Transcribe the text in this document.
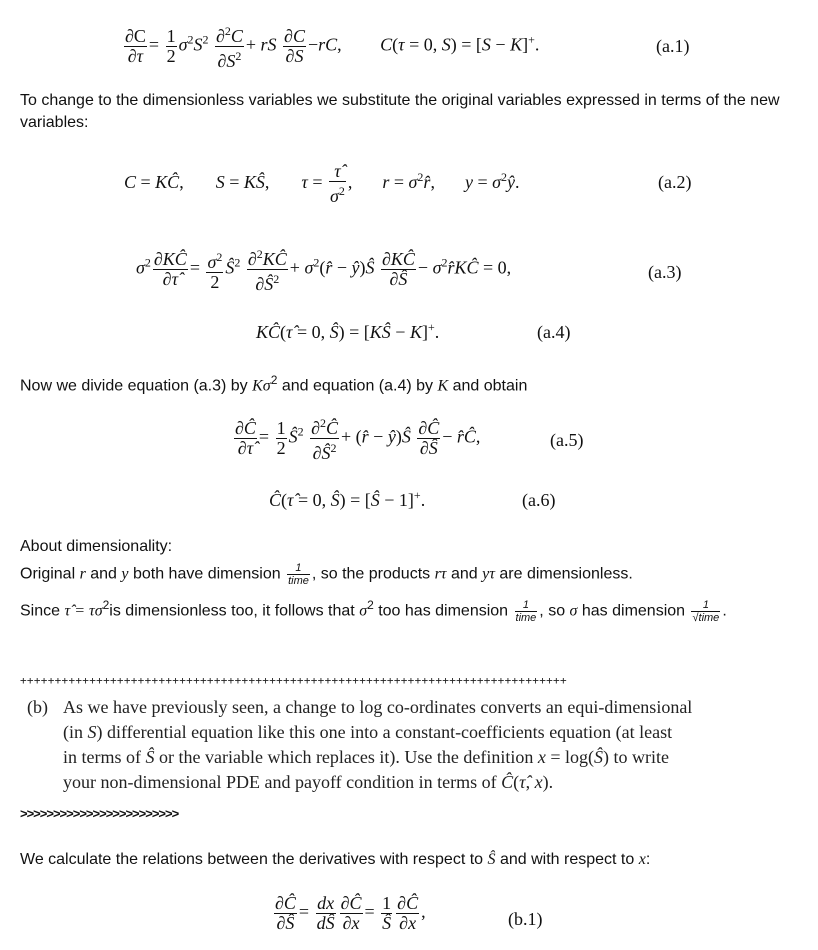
$\frac{\partial C}{\partial\tau} = \frac{1}{2} \sigma^2S^2 \frac{\partial^2C}{\partial S^2}$ + rS $\frac{\partial C}{\partial S} -rC$, C(τ = 0, S) = [S − K]+.	(a.1)
To change to the dimensionless variables we substitute the original variables expressed in terms of the new variables:
C = KĈ, S = KŜ, $\tau = \frac{\taû}{\sigma^2}$ , $r = \sigma^2r̂$, $y = \sigma^2ŷ$.	(a.2)
$\sigma^2 \frac{\partial KĈ}{\partial\taû} = \frac{\sigma^2}{2}$ $Ŝ^2 \frac{\partial^2KĈ}{\partial Ŝ^2}$ + $\sigma^2(r̂$ − ŷ)Ŝ $\frac{\partial KĈ}{\partial Ŝ}$ − $\sigma^2r̂KĈ = 0$,	(a.3)
KĈ(τ̂ = 0, Ŝ) = [KŜ − K]+.	(a.4)
Now we divide equation (a.3) by $K\sigma^2$ and equation (a.4) by K and obtain
$\frac{\partial Ĉ}{\partial\taû} = \frac{1}{2}$ $Ŝ^2 \frac{\partial^2Ĉ}{\partial Ŝ^2}$ + (r̂ − ŷ)Ŝ $\frac{\partial Ĉ}{\partial Ŝ}$ − r̂Ĉ,	(a.5)
Ĉ(τ̂ = 0, Ŝ) = [Ŝ − 1]+.	(a.6)
About dimensionality:
Original r and y both have dimension $\frac{1}{\text{time}}$ , so the products rτ and yτ are dimensionless.
Since τ̂ = $\tau\sigma^2is$ dimensionless too, it follows that $\sigma^2$ too has dimension $\frac{1}{\text{time}}$ , so σ has dimension $\frac{1}{\text{√time}}$ .
+++++++++++++++++++++++++++++++++++++++++++++++++++++++++++++++++++++++++++++++
(b) As we have previously seen, a change to log co-ordinates converts an equi-dimensional
(in S) differential equation like this one into a constant-coefficients equation (at least
in terms of Ŝ or the variable which replaces it). Use the definition x = log(Ŝ) to write
your non-dimensional PDE and payoff condition in terms of Ĉ(τ̂, x).
>>>>>>>>>>>>>>>>>>>>>>>>
We calculate the relations between the derivatives with respect to Ŝ and with respect to x:
$\frac{\partial Ĉ}{\partial Ŝ} = \frac{dx}{dŜ} \frac{\partial Ĉ}{\partial x} = \frac{1}{Ŝ} \frac{\partial Ĉ}{\partial x}$ ,	(b.1)
